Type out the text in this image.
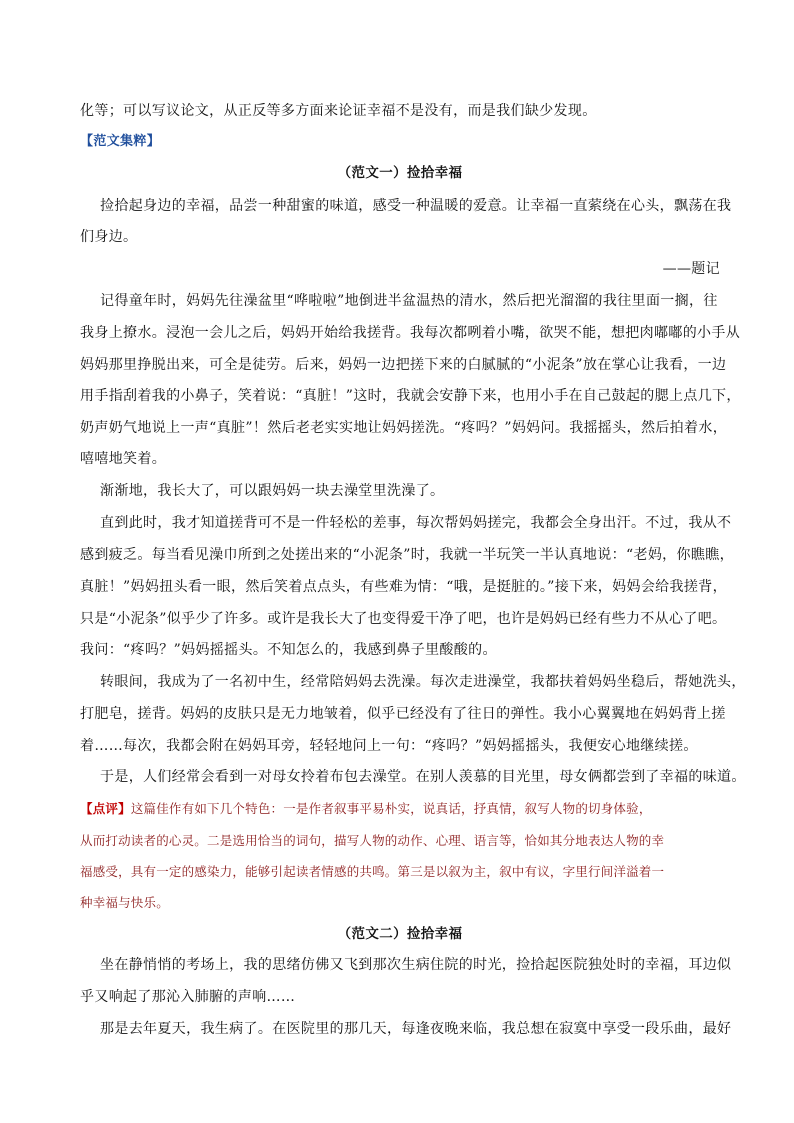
化等；可以写议论文，从正反等多方面来论证幸福不是没有，而是我们缺少发现。
【范文集粹】
（范文一）捡拾幸福
捡拾起身边的幸福，品尝一种甜蜜的味道，感受一种温暖的爱意。让幸福一直萦绕在心头，飘荡在我
们身边。
——题记
记得童年时，妈妈先往澡盆里“哗啦啦”地倒进半盆温热的清水，然后把光溜溜的我往里面一搁，往
我身上撩水。浸泡一会儿之后，妈妈开始给我搓背。我每次都咧着小嘴，欲哭不能，想把肉嘟嘟的小手从
妈妈那里挣脱出来，可全是徒劳。后来，妈妈一边把搓下来的白腻腻的“小泥条”放在掌心让我看，一边
用手指刮着我的小鼻子，笑着说：“真脏！”这时，我就会安静下来，也用小手在自己鼓起的腮上点几下，
奶声奶气地说上一声“真脏”！然后老老实实地让妈妈搓洗。“疼吗？”妈妈问。我摇摇头，然后拍着水，
嘻嘻地笑着。
渐渐地，我长大了，可以跟妈妈一块去澡堂里洗澡了。
直到此时，我才知道搓背可不是一件轻松的差事，每次帮妈妈搓完，我都会全身出汗。不过，我从不
感到疲乏。每当看见澡巾所到之处搓出来的“小泥条”时，我就一半玩笑一半认真地说：“老妈，你瞧瞧，
真脏！”妈妈扭头看一眼，然后笑着点点头，有些难为情：“哦，是挺脏的。”接下来，妈妈会给我搓背，
只是“小泥条”似乎少了许多。或许是我长大了也变得爱干净了吧，也许是妈妈已经有些力不从心了吧。
我问：“疼吗？”妈妈摇摇头。不知怎么的，我感到鼻子里酸酸的。
转眼间，我成为了一名初中生，经常陪妈妈去洗澡。每次走进澡堂，我都扶着妈妈坐稳后，帮她洗头，
打肥皂，搓背。妈妈的皮肤只是无力地皱着，似乎已经没有了往日的弹性。我小心翼翼地在妈妈背上搓
着……每次，我都会附在妈妈耳旁，轻轻地问上一句：“疼吗？”妈妈摇摇头，我便安心地继续搓。
于是，人们经常会看到一对母女拎着布包去澡堂。在别人羡慕的目光里，母女俩都尝到了幸福的味道。
【点评】这篇佳作有如下几个特色：一是作者叙事平易朴实，说真话，抒真情，叙写人物的切身体验，
从而打动读者的心灵。二是选用恰当的词句，描写人物的动作、心理、语言等，恰如其分地表达人物的幸
福感受，具有一定的感染力，能够引起读者情感的共鸣。第三是以叙为主，叙中有议，字里行间洋溢着一
种幸福与快乐。
（范文二）捡拾幸福
坐在静悄悄的考场上，我的思绪仿佛又飞到那次生病住院的时光，捡拾起医院独处时的幸福，耳边似
乎又响起了那沁入肺腑的声响……
那是去年夏天，我生病了。在医院里的那几天，每逢夜晚来临，我总想在寂寞中享受一段乐曲，最好
